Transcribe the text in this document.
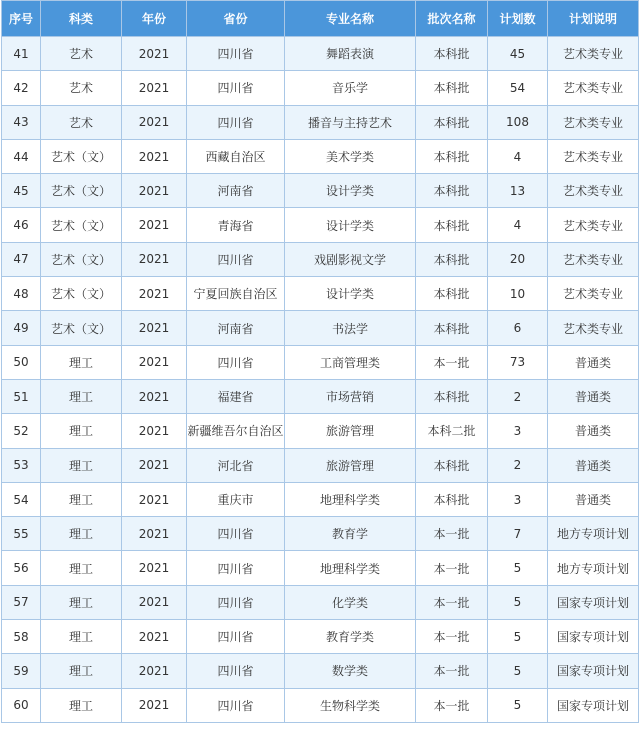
序号	科类	年份	省份	专业名称	批次名称	计划数	计划说明
41	艺术	2021	四川省	舞蹈表演	本科批	45	艺术类专业
42	艺术	2021	四川省	音乐学	本科批	54	艺术类专业
43	艺术	2021	四川省	播音与主持艺术	本科批	108	艺术类专业
44	艺术（文）	2021	西藏自治区	美术学类	本科批	4	艺术类专业
45	艺术（文）	2021	河南省	设计学类	本科批	13	艺术类专业
46	艺术（文）	2021	青海省	设计学类	本科批	4	艺术类专业
47	艺术（文）	2021	四川省	戏剧影视文学	本科批	20	艺术类专业
48	艺术（文）	2021	宁夏回族自治区	设计学类	本科批	10	艺术类专业
49	艺术（文）	2021	河南省	书法学	本科批	6	艺术类专业
50	理工	2021	四川省	工商管理类	本一批	73	普通类
51	理工	2021	福建省	市场营销	本科批	2	普通类
52	理工	2021	新疆维吾尔自治区	旅游管理	本科二批	3	普通类
53	理工	2021	河北省	旅游管理	本科批	2	普通类
54	理工	2021	重庆市	地理科学类	本科批	3	普通类
55	理工	2021	四川省	教育学	本一批	7	地方专项计划
56	理工	2021	四川省	地理科学类	本一批	5	地方专项计划
57	理工	2021	四川省	化学类	本一批	5	国家专项计划
58	理工	2021	四川省	教育学类	本一批	5	国家专项计划
59	理工	2021	四川省	数学类	本一批	5	国家专项计划
60	理工	2021	四川省	生物科学类	本一批	5	国家专项计划
